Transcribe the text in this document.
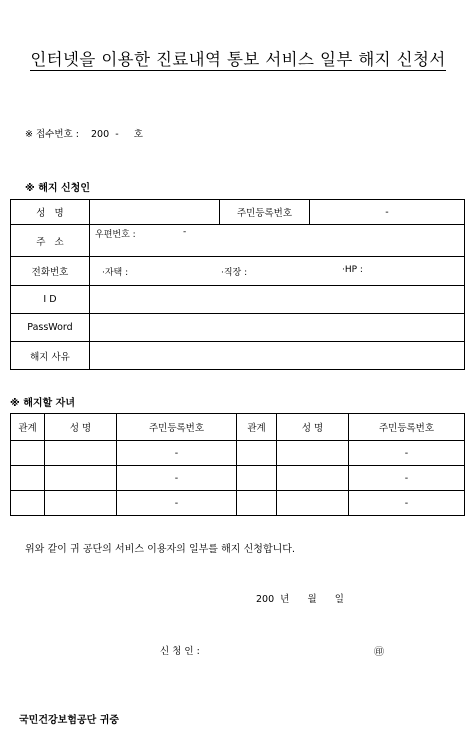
인터넷을 이용한 진료내역 통보 서비스 일부 해지 신청서
※ 접수번호 : 200  -     호
※ 해지 신청인
성   명		주민등록번호	-
주   소	우편번호 : -		

전화번호	·자택 : ·직장 : ·HP :		

I D			
PassWord			
해지 사유			
※ 해지할 자녀
관계	성 명	주민등록번호	관계	성 명	주민등록번호
		-			-
		-			-
		-			-
위와 같이 귀 공단의 서비스 이용자의 일부를 해지 신청합니다.
200  년      월      일
신 청 인 :	㊞
국민건강보험공단 귀중
